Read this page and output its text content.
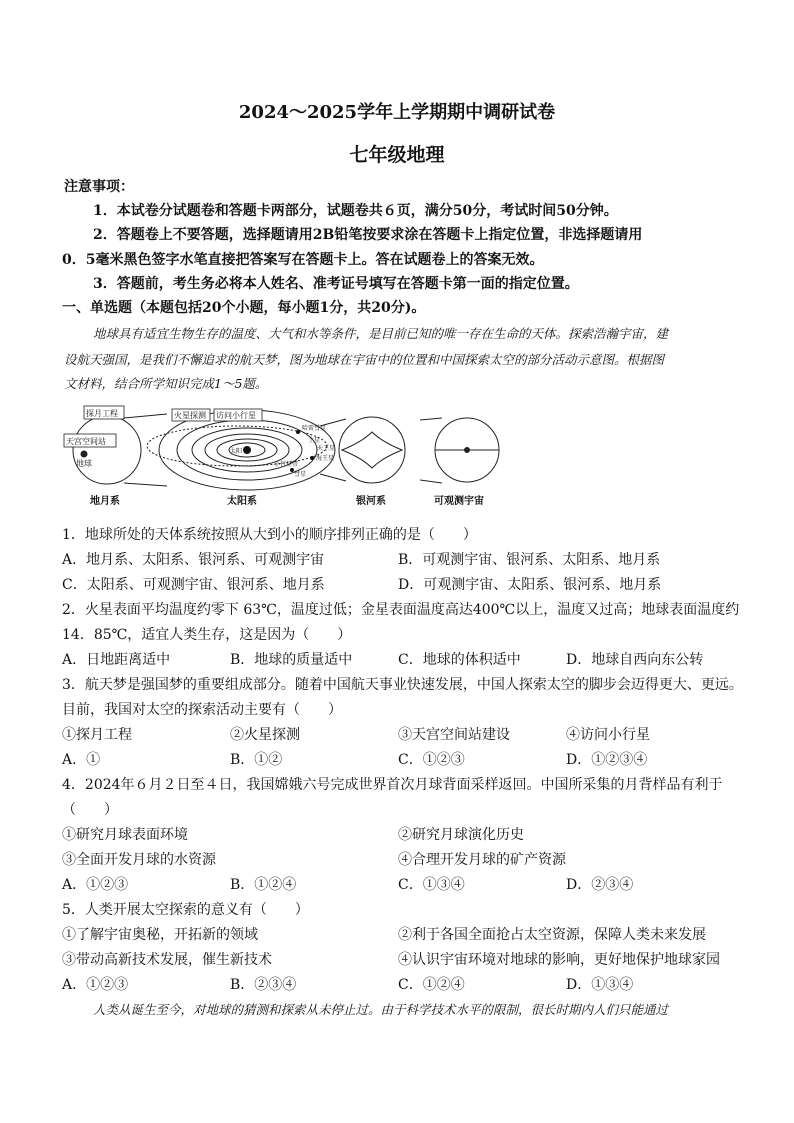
2024～2025学年上学期期中调研试卷
七年级地理
注意事项：
1．本试卷分试题卷和答题卡两部分，试题卷共６页，满分50分，考试时间50分钟。
2．答题卷上不要答题，选择题请用2B铅笔按要求涂在答题卡上指定位置，非选择题请用
0．5毫米黑色签字水笔直接把答案写在答题卡上。答在试题卷上的答案无效。
3．答题前，考生务必将本人姓名、准考证号填写在答题卡第一面的指定位置。
一、单选题（本题包括20个小题，每小题1分，共20分)。
地球具有适宜生物生存的温度、大气和水等条件，是目前已知的唯一存在生命的天体。探索浩瀚宇宙，建
设航天强国，是我们不懈追求的航天梦，图为地球在宇宙中的位置和中国探索太空的部分活动示意图。根据图
文材料，结合所学知识完成1～5题。
探月工程
天宫空间站
地球
火星探测 访问小行星
太阳
哈雷彗星
土星
天王星
海王星
彗星
小行星带
地月系	太阳系	银河系	可观测宇宙
1．地球所处的天体系统按照从大到小的顺序排列正确的是（　　）
A．地月系、太阳系、银河系、可观测宇宙	B．可观测宇宙、银河系、太阳系、地月系
C．太阳系、可观测宇宙、银河系、地月系	D．可观测宇宙、太阳系、银河系、地月系
2．火星表面平均温度约零下 63℃，温度过低；金星表面温度高达400℃以上，温度又过高；地球表面温度约
14．85℃，适宜人类生存，这是因为（　　）
A．日地距离适中	B．地球的质量适中	C．地球的体积适中	D．地球自西向东公转
3．航天梦是强国梦的重要组成部分。随着中国航天事业快速发展，中国人探索太空的脚步会迈得更大、更远。
目前，我国对太空的探索活动主要有（　　）
①探月工程	②火星探测	③天宫空间站建设	④访问小行星
A．①	B．①②	C．①②③	D．①②③④
4．2024年６月２日至４日，我国嫦娥六号完成世界首次月球背面采样返回。中国所采集的月背样品有利于
（　　）
①研究月球表面环境	②研究月球演化历史
③全面开发月球的水资源	④合理开发月球的矿产资源
A．①②③	B．①②④	C．①③④	D．②③④
5．人类开展太空探索的意义有（　　）
①了解宇宙奥秘，开拓新的领域	②利于各国全面抢占太空资源，保障人类未来发展
③带动高新技术发展，催生新技术	④认识宇宙环境对地球的影响，更好地保护地球家园
A．①②③	B．②③④	C．①②④	D．①③④
人类从诞生至今，对地球的猜测和探索从未停止过。由于科学技术水平的限制，很长时期内人们只能通过
